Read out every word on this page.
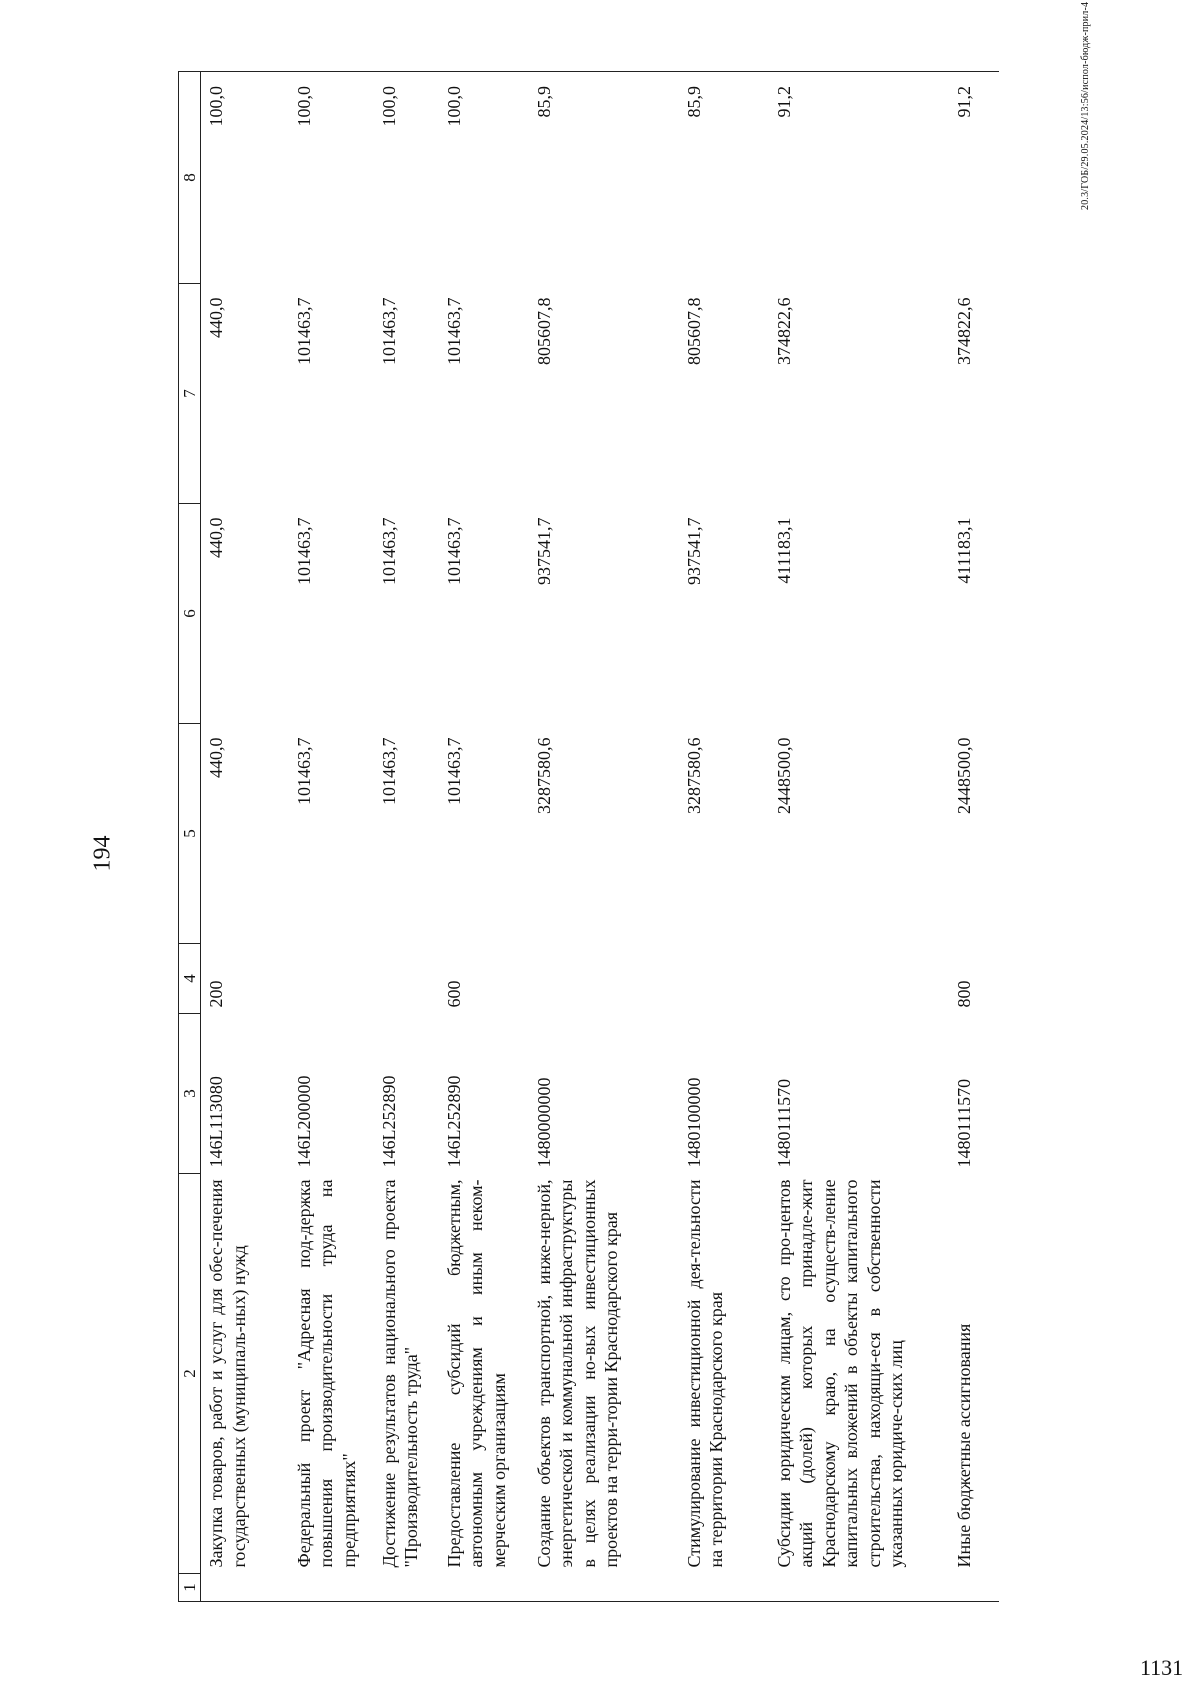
194
20.3/ГОБ/29.05.2024/13:56/испол-бюдж-прил-4
1131
1	2	3	4	5	6	7	8
	Закупка товаров, работ и услуг для обес-печения государственных (муниципаль-ных) нужд	146L113080	200	440,0	440,0	440,0	100,0
	Федеральный проект "Адресная под-держка повышения производительности труда на предприятиях"	146L200000		101463,7	101463,7	101463,7	100,0
	Достижение результатов национального проекта "Производительность труда"	146L252890		101463,7	101463,7	101463,7	100,0
	Предоставление субсидий бюджетным, автономным учреждениям и иным неком-мерческим организациям	146L252890	600	101463,7	101463,7	101463,7	100,0
	Создание объектов транспортной, инже-нерной, энергетической и коммунальной инфраструктуры в целях реализации но-вых инвестиционных проектов на терри-тории Краснодарского края	1480000000		3287580,6	937541,7	805607,8	85,9
	Стимулирование инвестиционной дея-тельности на территории Краснодарского края	1480100000		3287580,6	937541,7	805607,8	85,9
	Субсидии юридическим лицам, сто про-центов акций (долей) которых принадле-жит Краснодарскому краю, на осуществ-ление капитальных вложений в объекты капитального строительства, находящи-еся в собственности указанных юридиче-ских лиц	1480111570		2448500,0	411183,1	374822,6	91,2
	Иные бюджетные ассигнования	1480111570	800	2448500,0	411183,1	374822,6	91,2
